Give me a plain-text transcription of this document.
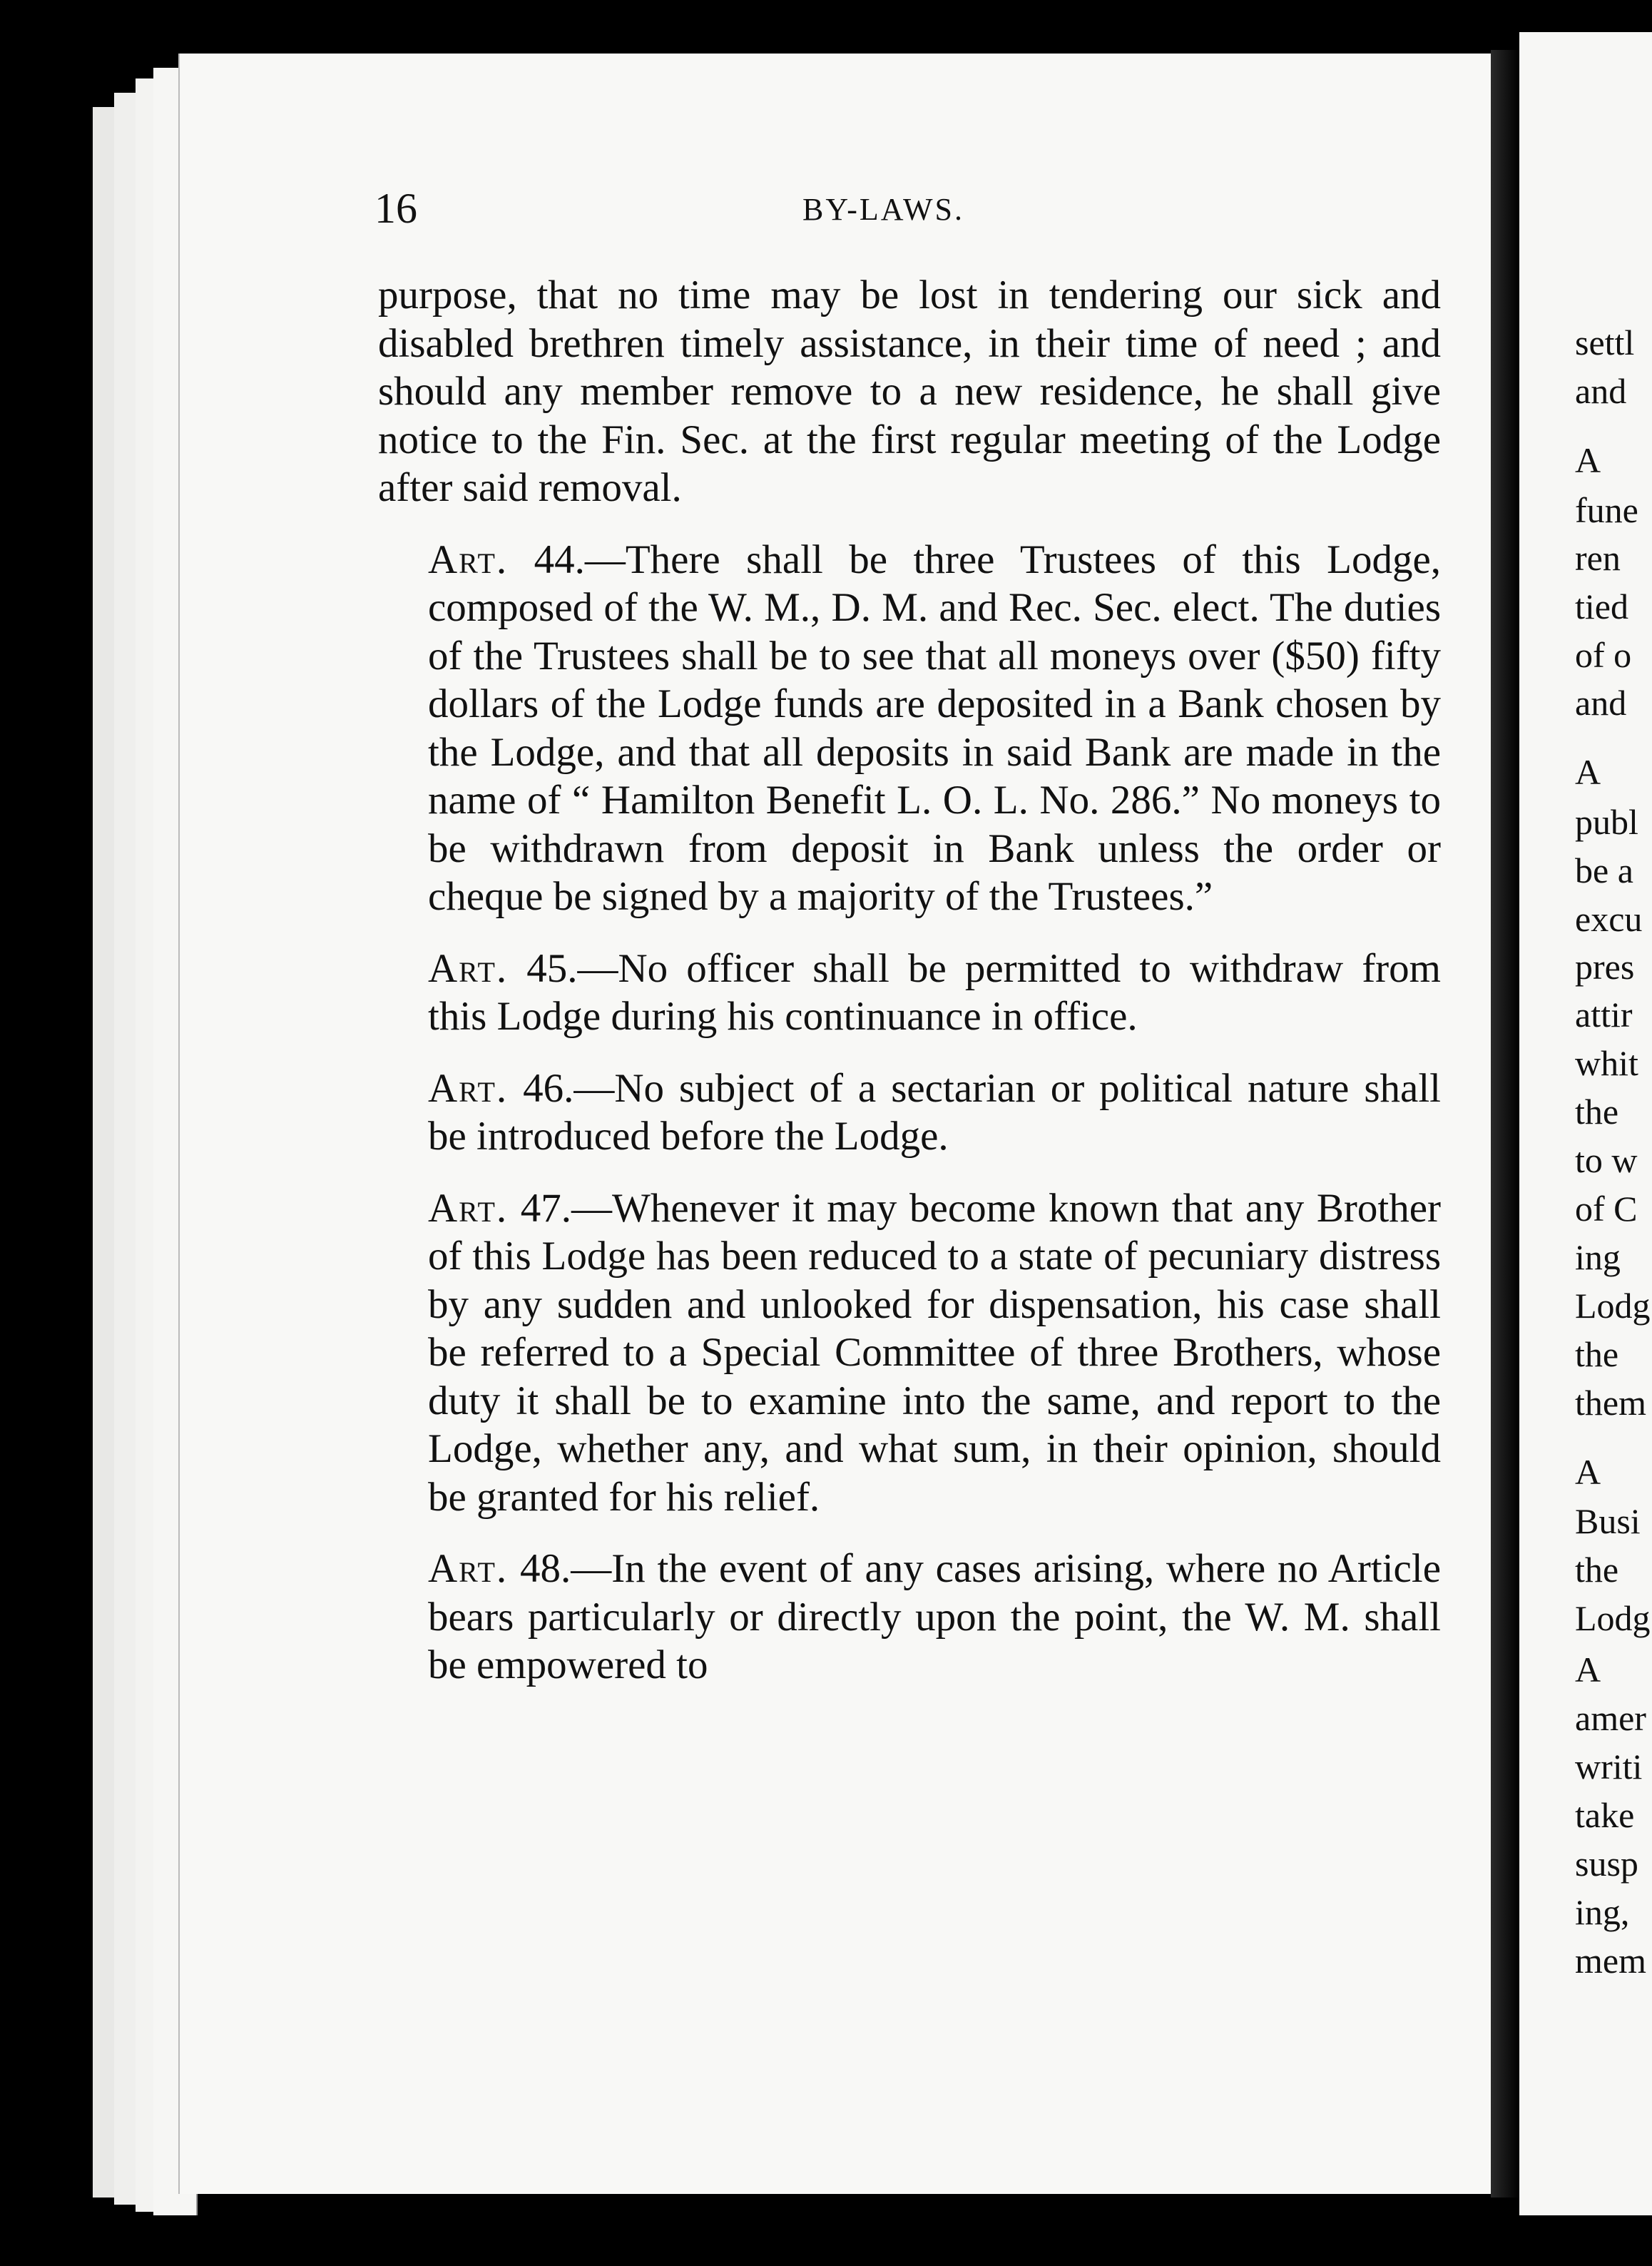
settl
and
A
fune
ren
tied
of o
and
A
publ
be a
excu
pres
attir
whit
the
to w
of C
ing
Lodg
the
them
A
Busi
the
Lodg
A
amer
writi
take
susp
ing,
mem
16	BY-LAWS.

purpose, that no time may be lost in tendering our sick and disabled brethren timely assistance, in their time of need ; and should any member remove to a new residence, he shall give notice to the Fin. Sec. at the first regular meeting of the Lodge after said removal.

Art. 44.—There shall be three Trustees of this Lodge, composed of the W. M., D. M. and Rec. Sec. elect. The duties of the Trustees shall be to see that all moneys over ($50) fifty dollars of the Lodge funds are deposited in a Bank chosen by the Lodge, and that all deposits in said Bank are made in the name of “ Hamilton Benefit L. O. L. No. 286.” No moneys to be withdrawn from deposit in Bank unless the order or cheque be signed by a majority of the Trustees.”

Art. 45.—No officer shall be permitted to withdraw from this Lodge during his continuance in office.

Art. 46.—No subject of a sectarian or political nature shall be introduced before the Lodge.

Art. 47.—Whenever it may become known that any Brother of this Lodge has been reduced to a state of pecuniary distress by any sudden and unlooked for dispensation, his case shall be referred to a Special Committee of three Brothers, whose duty it shall be to examine into the same, and report to the Lodge, whether any, and what sum, in their opinion, should be granted for his relief.

Art. 48.—In the event of any cases arising, where no Article bears particularly or directly upon the point, the W. M. shall be empowered to
